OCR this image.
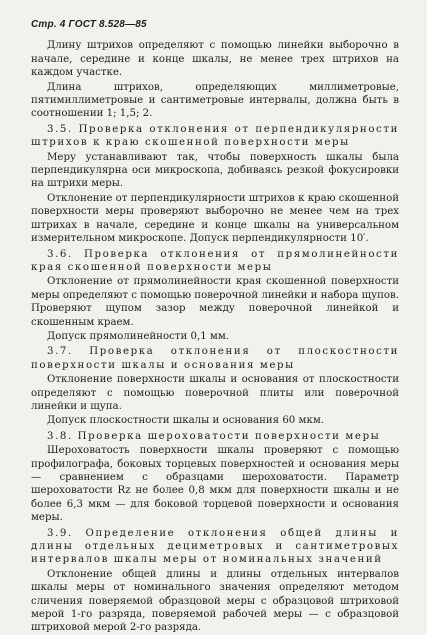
Стр. 4 ГОСТ 8.528—85

Длину штрихов определяют с помощью линейки выборочно в начале, середине и конце шкалы, не менее трех штрихов на каждом участке.

Длина штрихов, определяющих миллиметровые, пятимиллиметровые и сантиметровые интервалы, должна быть в соотношении 1; 1,5; 2.

3.5. Проверка отклонения от перпендикулярности штрихов к краю скошенной поверхности меры

Меру устанавливают так, чтобы поверхность шкалы была перпендикулярна оси микроскопа, добиваясь резкой фокусировки на штрихи меры.

Отклонение от перпендикулярности штрихов к краю скошенной поверхности меры проверяют выборочно не менее чем на трех штрихах в начале, середине и конце шкалы на универсальном измерительном микроскопе. Допуск перпендикулярности 10′.

3.6. Проверка отклонения от прямолинейности края скошенной поверхности меры

Отклонение от прямолинейности края скошенной поверхности меры определяют с помощью поверочной линейки и набора щупов. Проверяют щупом зазор между поверочной линейкой и скошенным краем.

Допуск прямолинейности 0,1 мм.

3.7. Проверка отклонения от плоскостности поверхности шкалы и основания меры

Отклонение поверхности шкалы и основания от плоскостности определяют с помощью поверочной плиты или поверочной линейки и щупа.

Допуск плоскостности шкалы и основания 60 мкм.

3.8. Проверка шероховатости поверхности меры

Шероховатость поверхности шкалы проверяют с помощью профилографа, боковых торцевых поверхностей и основания меры — сравнением с образцами шероховатости. Параметр шероховатости Rz не более 0,8 мкм для поверхности шкалы и не более 6,3 мкм — для боковой торцевой поверхности и основания меры.

3.9. Определение отклонения общей длины и длины отдельных дециметровых и сантиметровых интервалов шкалы меры от номинальных значений

Отклонение общей длины и длины отдельных интервалов шкалы меры от номинального значения определяют методом сличения поверяемой образцовой меры с образцовой штриховой мерой 1-го разряда, поверяемой рабочей меры — с образцовой штриховой мерой 2-го разряда.
